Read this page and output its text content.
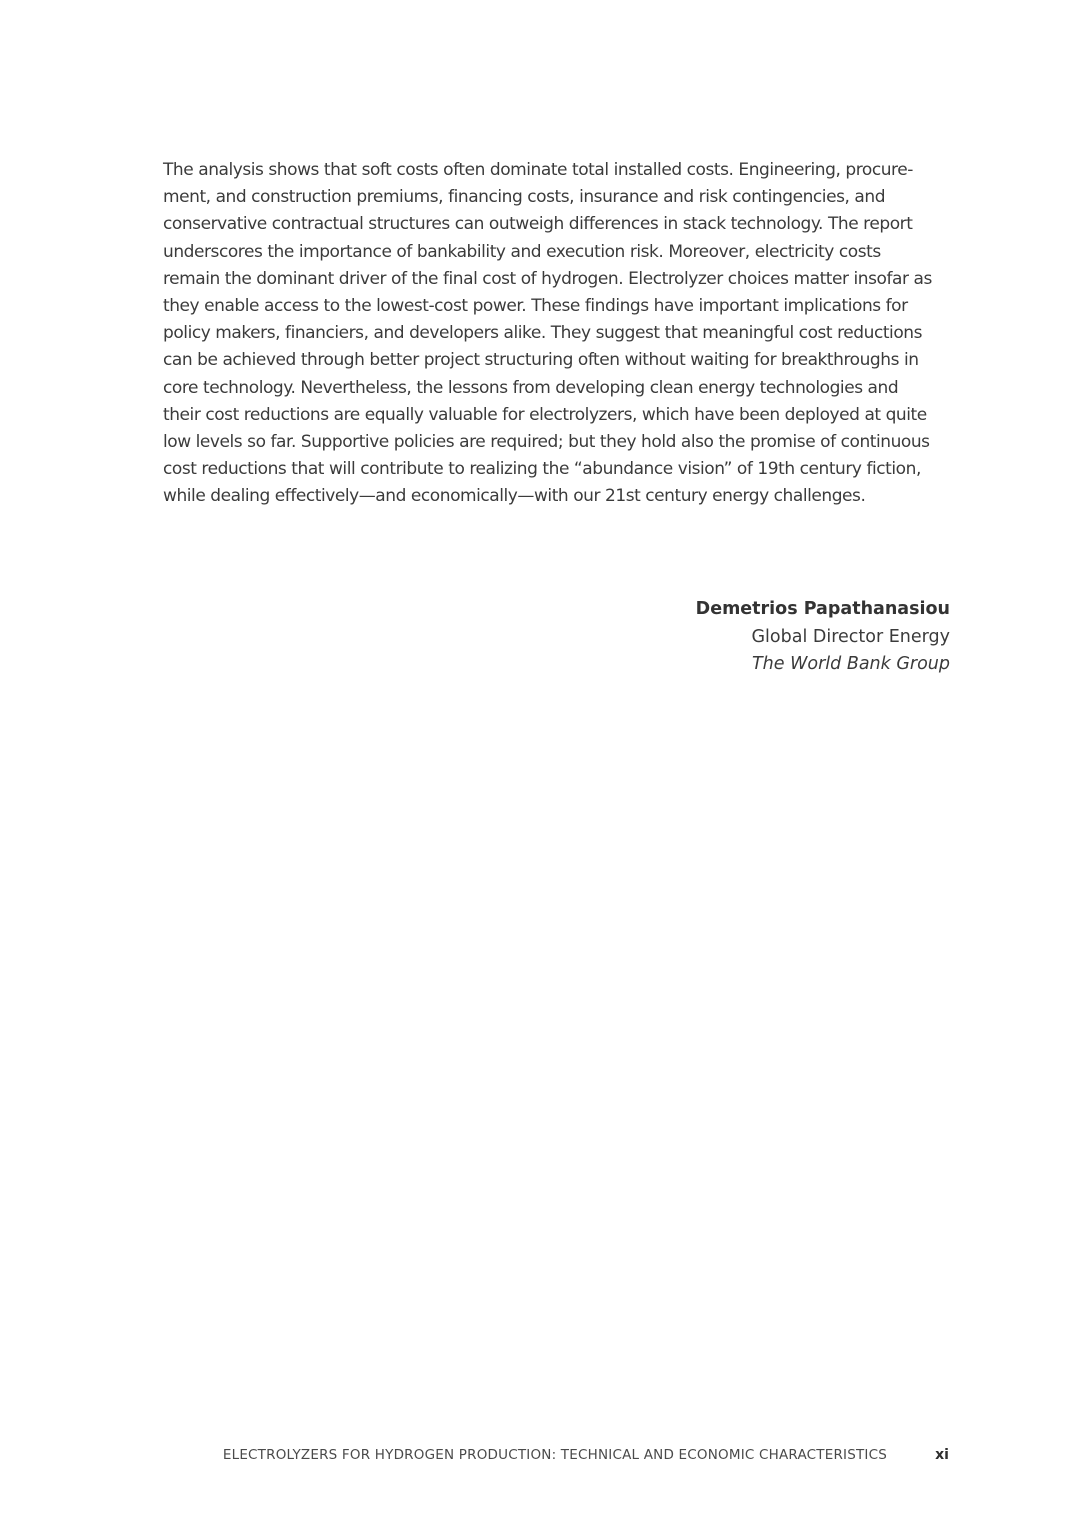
The analysis shows that soft costs often dominate total installed costs. Engineering, procure-
ment, and construction premiums, financing costs, insurance and risk contingencies, and
conservative contractual structures can outweigh differences in stack technology. The report
underscores the importance of bankability and execution risk. Moreover, electricity costs
remain the dominant driver of the final cost of hydrogen. Electrolyzer choices matter insofar as
they enable access to the lowest-cost power. These findings have important implications for
policy makers, financiers, and developers alike. They suggest that meaningful cost reductions
can be achieved through better project structuring often without waiting for breakthroughs in
core technology. Nevertheless, the lessons from developing clean energy technologies and
their cost reductions are equally valuable for electrolyzers, which have been deployed at quite
low levels so far. Supportive policies are required; but they hold also the promise of continuous
cost reductions that will contribute to realizing the “abundance vision” of 19th century fiction,
while dealing effectively—and economically—with our 21st century energy challenges.
Demetrios Papathanasiou
Global Director Energy
The World Bank Group
ELECTROLYZERS FOR HYDROGEN PRODUCTION: TECHNICAL AND ECONOMIC CHARACTERISTICS	xi
